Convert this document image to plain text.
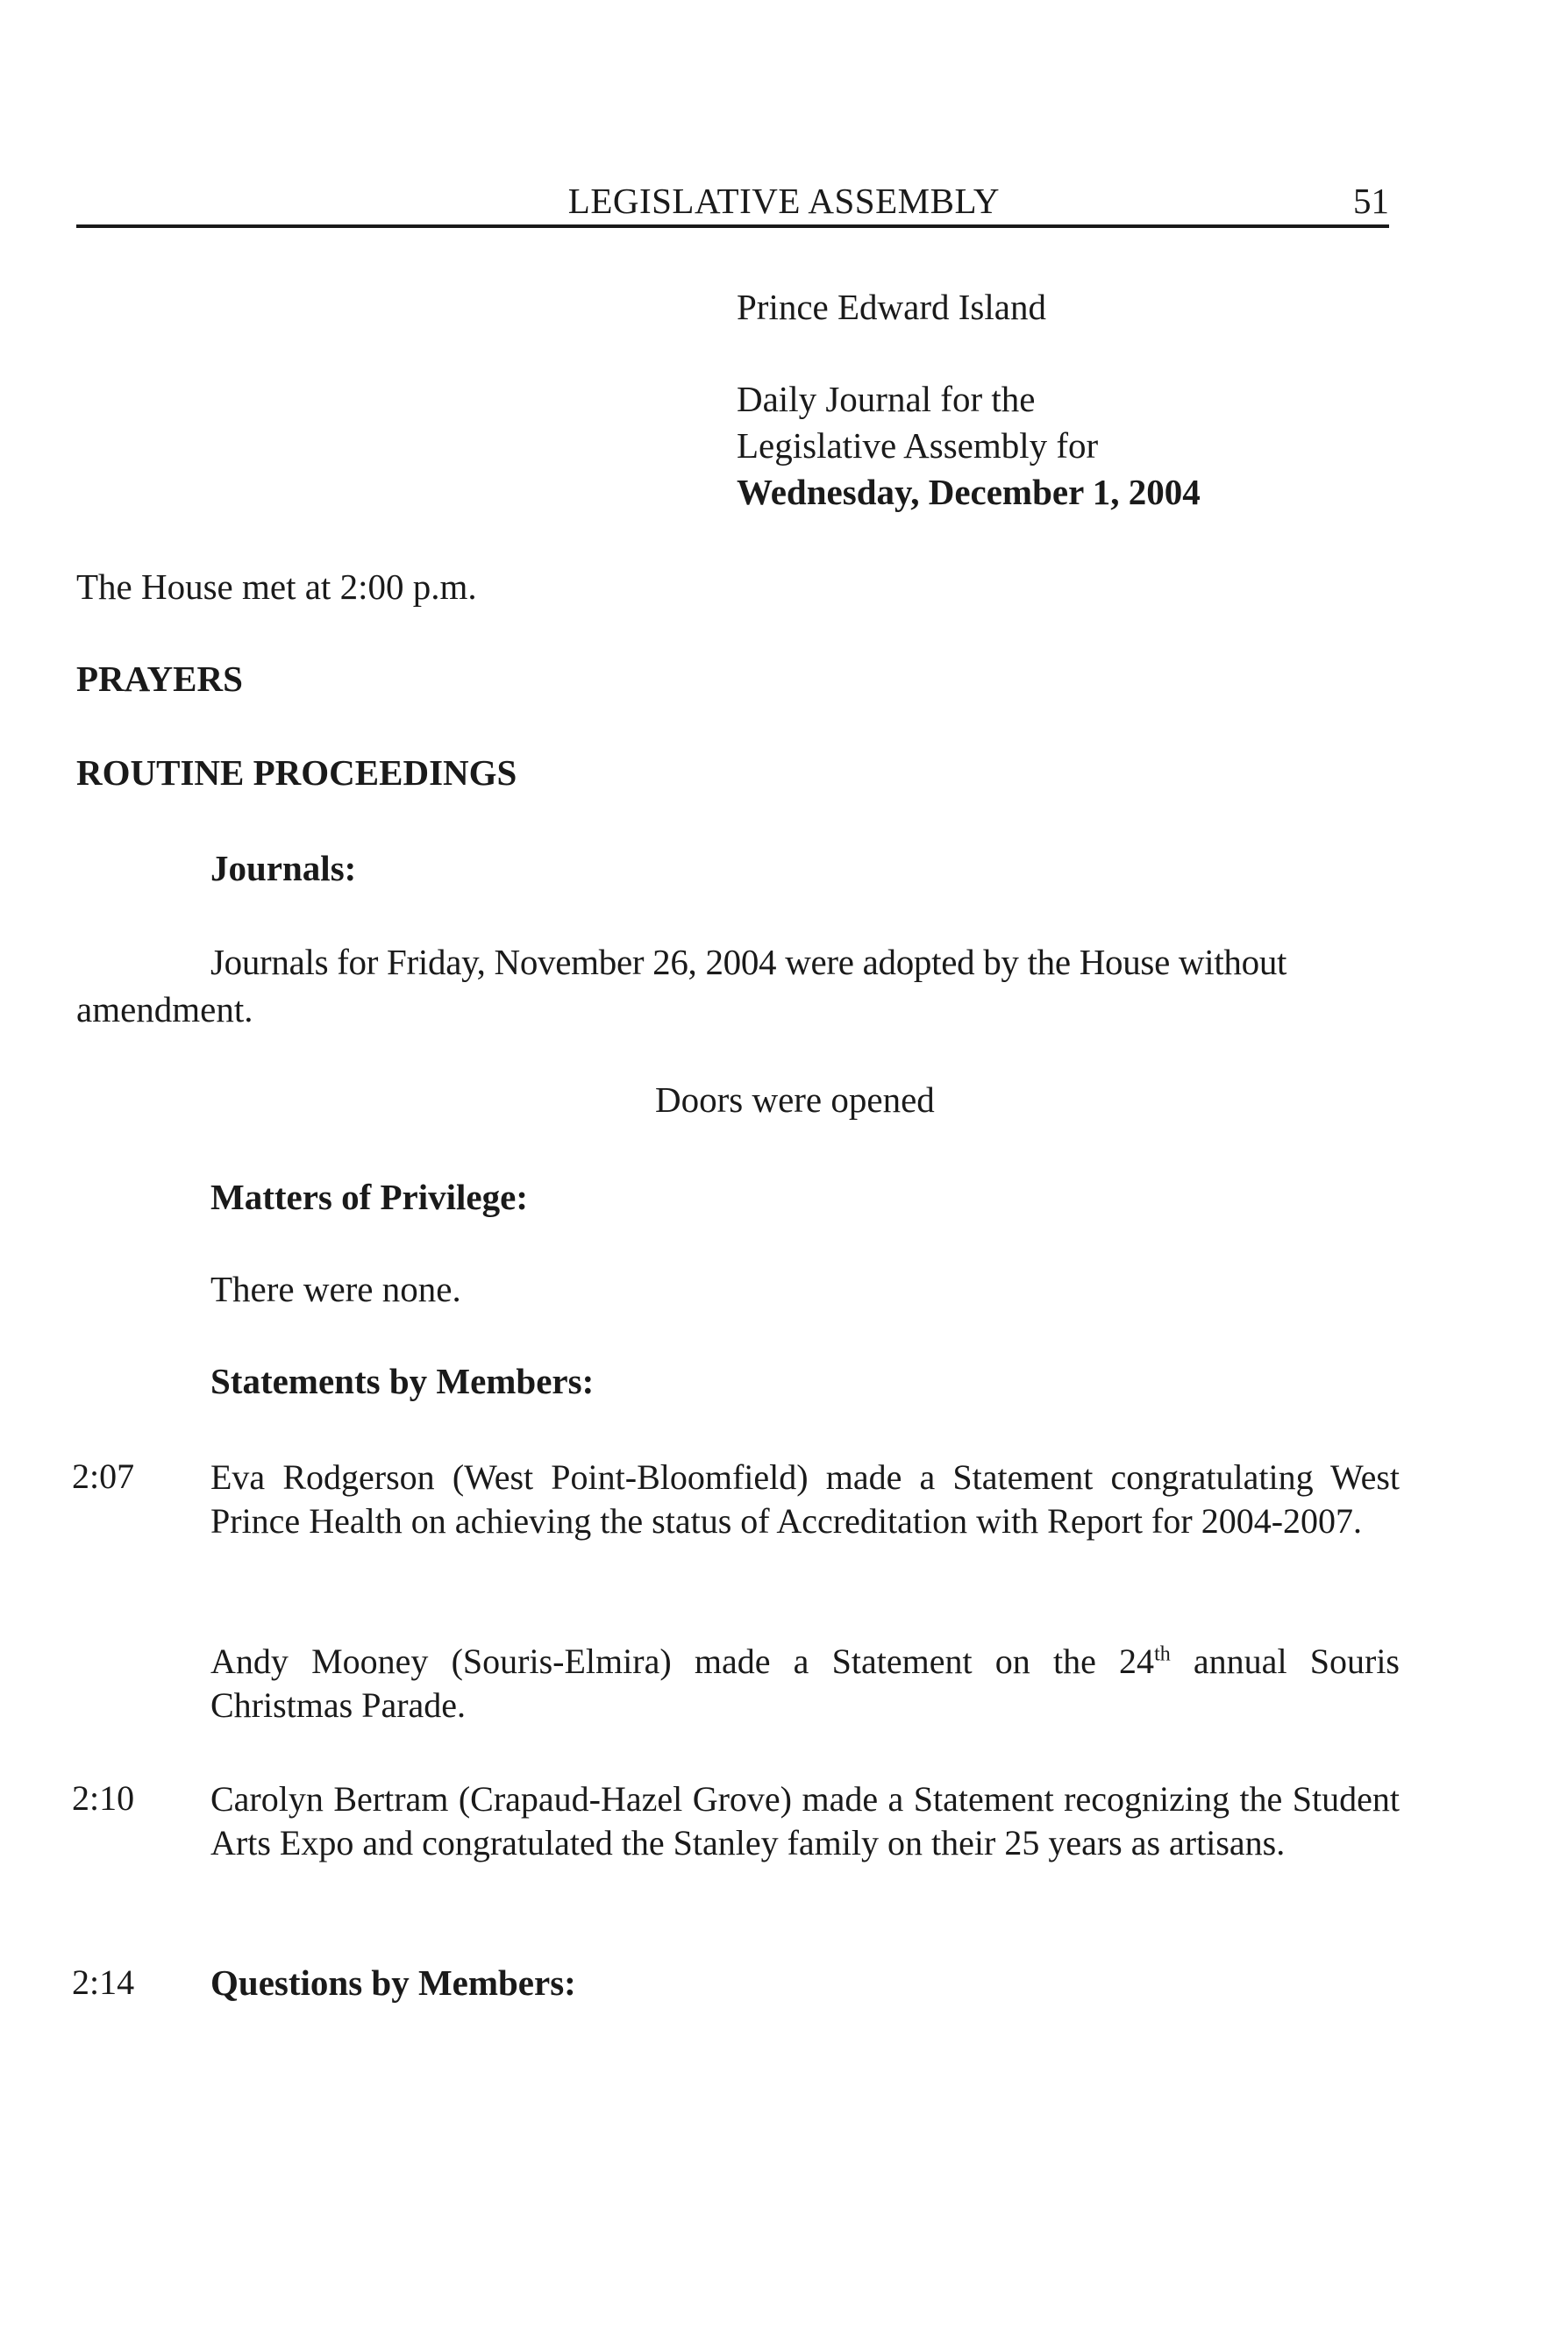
LEGISLATIVE ASSEMBLY	51
Prince Edward Island
Daily Journal for the
Legislative Assembly for
Wednesday, December 1, 2004
The House met at 2:00 p.m.
PRAYERS
ROUTINE PROCEEDINGS
Journals:
Journals for Friday, November 26, 2004 were adopted by the House without
amendment.
Doors were opened
Matters of Privilege:
There were none.
Statements by Members:
2:07 Eva Rodgerson (West Point-Bloomfield) made a Statement congratulating West Prince Health on achieving the status of Accreditation with Report for 2004-2007.
Andy Mooney (Souris-Elmira) made a Statement on the 24th annual Souris Christmas Parade.
2:10 Carolyn Bertram (Crapaud-Hazel Grove) made a Statement recognizing the Student Arts Expo and congratulated the Stanley family on their 25 years as artisans.
2:14 Questions by Members:
